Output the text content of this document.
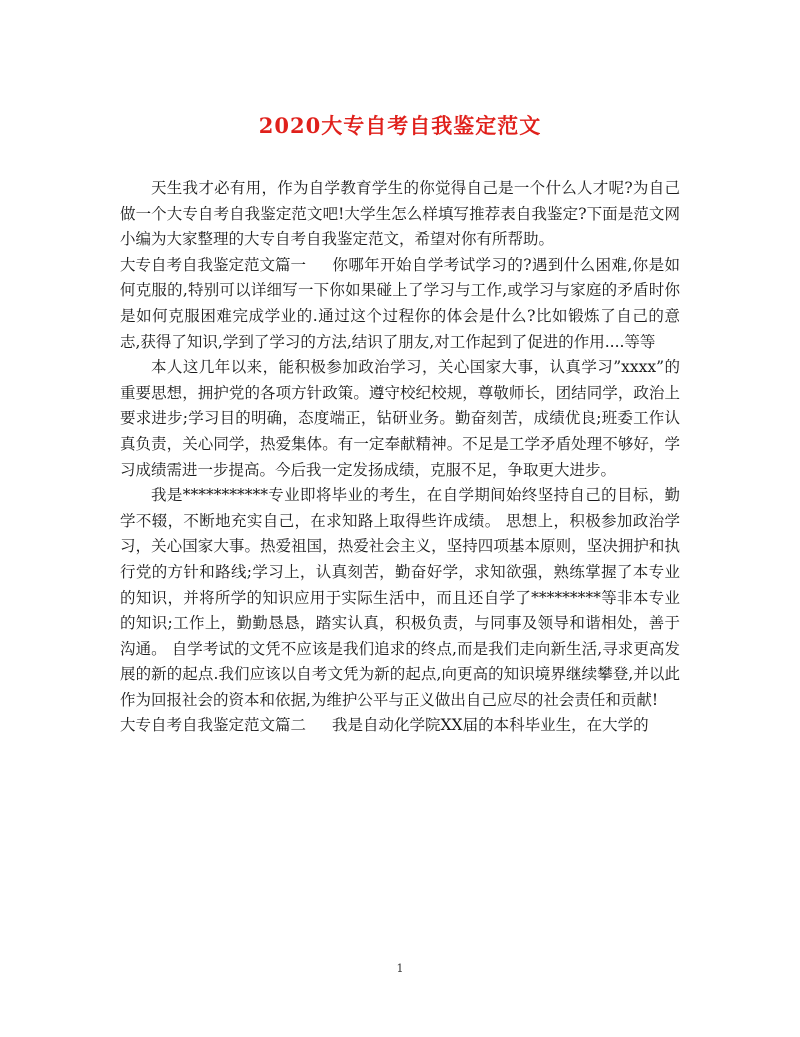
2020大专自考自我鉴定范文

天生我才必有用，作为自学教育学生的你觉得自己是一个什么人才呢?为自己做一个大专自考自我鉴定范文吧!大学生怎么样填写推荐表自我鉴定?下面是范文网小编为大家整理的大专自考自我鉴定范文，希望对你有所帮助。

大专自考自我鉴定范文篇一 你哪年开始自学考试学习的?遇到什么困难,你是如何克服的,特别可以详细写一下你如果碰上了学习与工作,或学习与家庭的矛盾时你是如何克服困难完成学业的.通过这个过程你的体会是什么?比如锻炼了自己的意志,获得了知识,学到了学习的方法,结识了朋友,对工作起到了促进的作用....等等

本人这几年以来，能积极参加政治学习，关心国家大事，认真学习”xxxx”的重要思想，拥护党的各项方针政策。遵守校纪校规，尊敬师长，团结同学，政治上要求进步;学习目的明确，态度端正，钻研业务。勤奋刻苦，成绩优良;班委工作认真负责，关心同学，热爱集体。有一定奉献精神。不足是工学矛盾处理不够好，学习成绩需进一步提高。今后我一定发扬成绩，克服不足，争取更大进步。

我是***********专业即将毕业的考生，在自学期间始终坚持自己的目标，勤学不辍，不断地充实自己，在求知路上取得些许成绩。 思想上，积极参加政治学习，关心国家大事。热爱祖国，热爱社会主义，坚持四项基本原则，坚决拥护和执行党的方针和路线;学习上，认真刻苦，勤奋好学，求知欲强，熟练掌握了本专业的知识，并将所学的知识应用于实际生活中，而且还自学了*********等非本专业的知识;工作上，勤勤恳恳，踏实认真，积极负责，与同事及领导和谐相处，善于沟通。 自学考试的文凭不应该是我们追求的终点,而是我们走向新生活,寻求更高发展的新的起点.我们应该以自考文凭为新的起点,向更高的知识境界继续攀登,并以此作为回报社会的资本和依据,为维护公平与正义做出自己应尽的社会责任和贡献!

大专自考自我鉴定范文篇二 我是自动化学院XX届的本科毕业生，在大学的

1
